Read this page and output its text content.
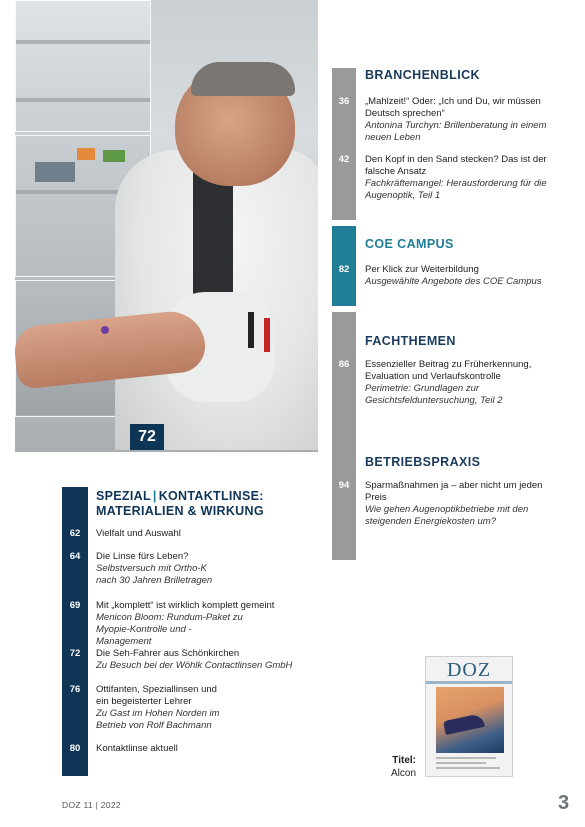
72
BRANCHENBLICK
36	„Mahlzeit!“ Oder: „Ich und Du, wir müssen Deutsch sprechen“
Antonina Turchyn: Brillenberatung in einem neuen Leben
42	Den Kopf in den Sand stecken? Das ist der falsche Ansatz
Fachkräftemangel: Herausforderung für die Augenoptik, Teil 1
COE CAMPUS
82	Per Klick zur Weiterbildung
Ausgewählte Angebote des COE Campus
FACHTHEMEN
86	Essenzieller Beitrag zu Früherkennung, Evaluation und Verlaufskontrolle
Perimetrie: Grundlagen zur Gesichtsfelduntersuchung, Teil 2
BETRIEBSPRAXIS
94	Sparmaßnahmen ja – aber nicht um jeden Preis
Wie gehen Augenoptikbetriebe mit den steigenden Energiekosten um?
SPEZIAL | KONTAKTLINSE:
MATERIALIEN & WIRKUNG
62	Vielfalt und Auswahl
64	Die Linse fürs Leben?
Selbstversuch mit Ortho-K nach 30 Jahren Brilletragen
69	Mit „komplett“ ist wirklich komplett gemeint
Menicon Bloom: Rundum-Paket zu Myopie-Kontrolle und -Management
72	Die Seh-Fahrer aus Schönkirchen
Zu Besuch bei der Wöhlk Contactlinsen GmbH
76	Ottifanten, Speziallinsen und ein begeisterter Lehrer
Zu Gast im Hohen Norden im Betrieb von Rolf Bachmann
80	Kontaktlinse aktuell
DOZ
Titel:
Alcon
DOZ 11 | 2022	3
